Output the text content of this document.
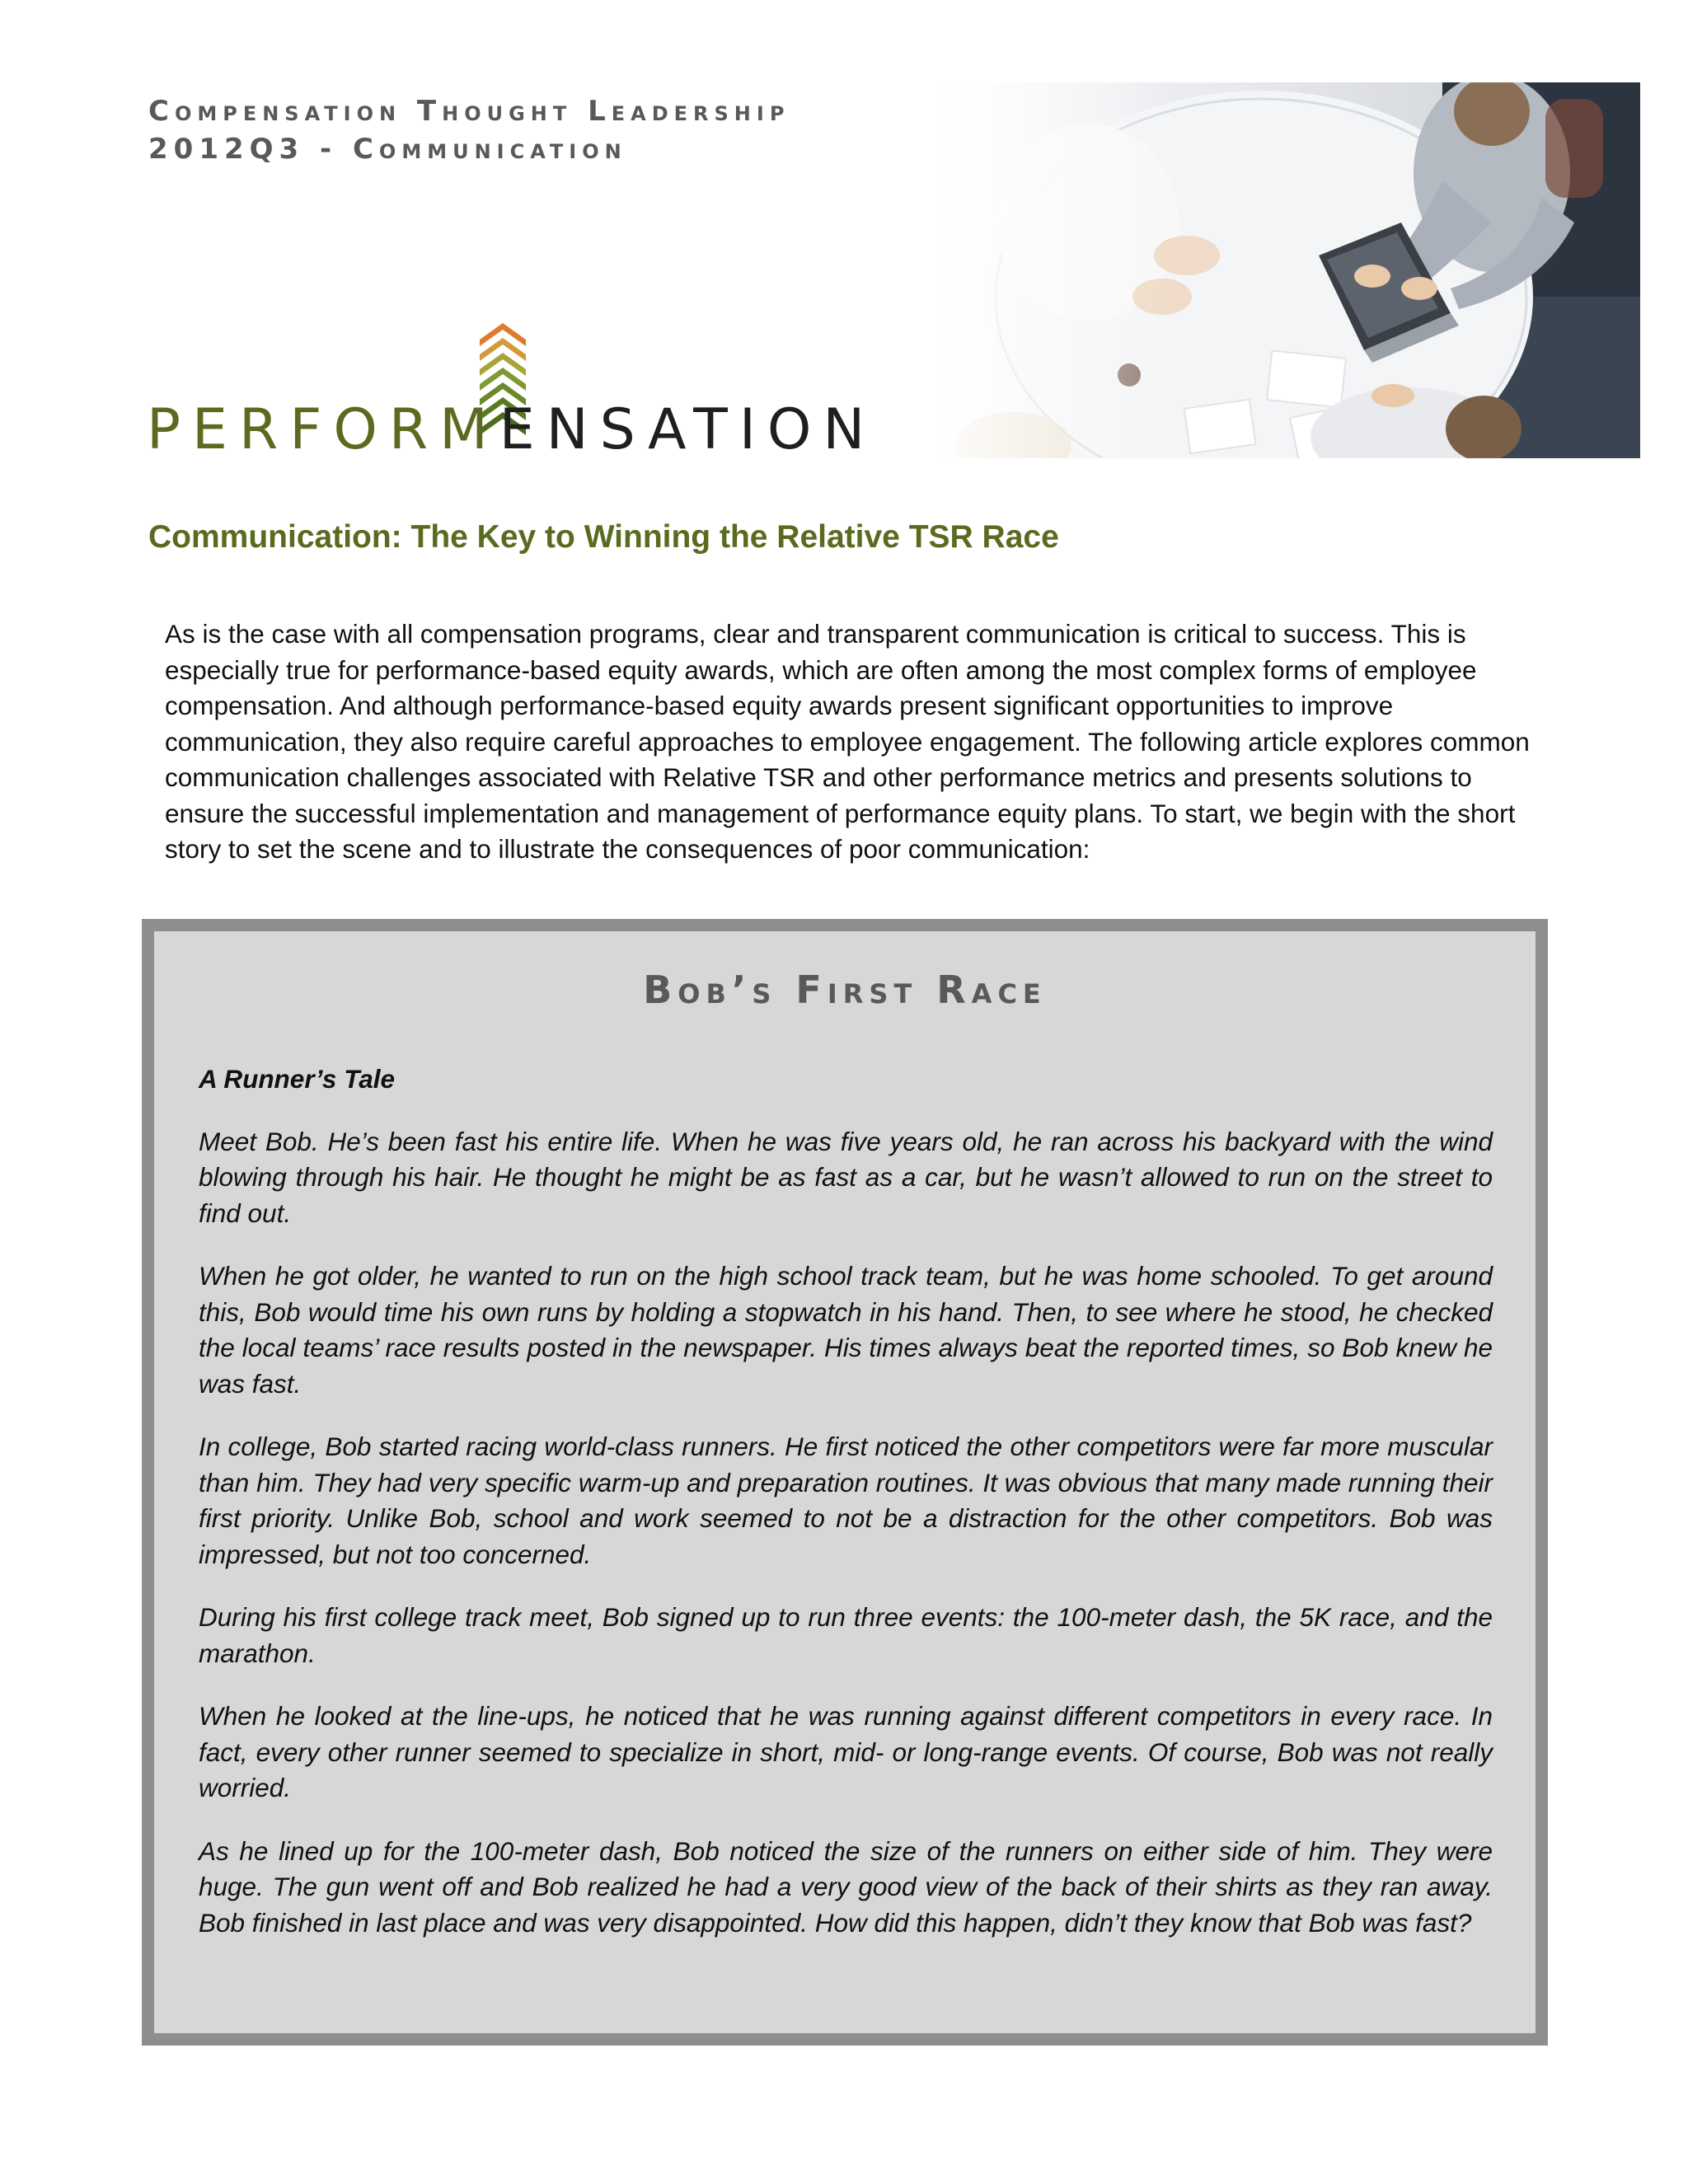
Compensation Thought Leadership
2012Q3 - Communication
PERFORMENSATION
Communication: The Key to Winning the Relative TSR Race

As is the case with all compensation programs, clear and transparent communication is critical to success. This is especially true for performance-based equity awards, which are often among the most complex forms of employee compensation. And although performance-based equity awards present significant opportunities to improve communication, they also require careful approaches to employee engagement. The following article explores common communication challenges associated with Relative TSR and other performance metrics and presents solutions to ensure the successful implementation and management of performance equity plans. To start, we begin with the short story to set the scene and to illustrate the consequences of poor communication:

Bob’s First Race
A Runner’s Tale

Meet Bob. He’s been fast his entire life. When he was five years old, he ran across his backyard with the wind blowing through his hair. He thought he might be as fast as a car, but he wasn’t allowed to run on the street to find out.

When he got older, he wanted to run on the high school track team, but he was home schooled. To get around this, Bob would time his own runs by holding a stopwatch in his hand. Then, to see where he stood, he checked the local teams’ race results posted in the newspaper. His times always beat the reported times, so Bob knew he was fast.

In college, Bob started racing world-class runners. He first noticed the other competitors were far more muscular than him. They had very specific warm-up and preparation routines. It was obvious that many made running their first priority. Unlike Bob, school and work seemed to not be a distraction for the other competitors. Bob was impressed, but not too concerned.

During his first college track meet, Bob signed up to run three events: the 100-meter dash, the 5K race, and the marathon.

When he looked at the line-ups, he noticed that he was running against different competitors in every race. In fact, every other runner seemed to specialize in short, mid- or long-range events. Of course, Bob was not really worried.

As he lined up for the 100-meter dash, Bob noticed the size of the runners on either side of him. They were huge. The gun went off and Bob realized he had a very good view of the back of their shirts as they ran away. Bob finished in last place and was very disappointed. How did this happen, didn’t they know that Bob was fast?
